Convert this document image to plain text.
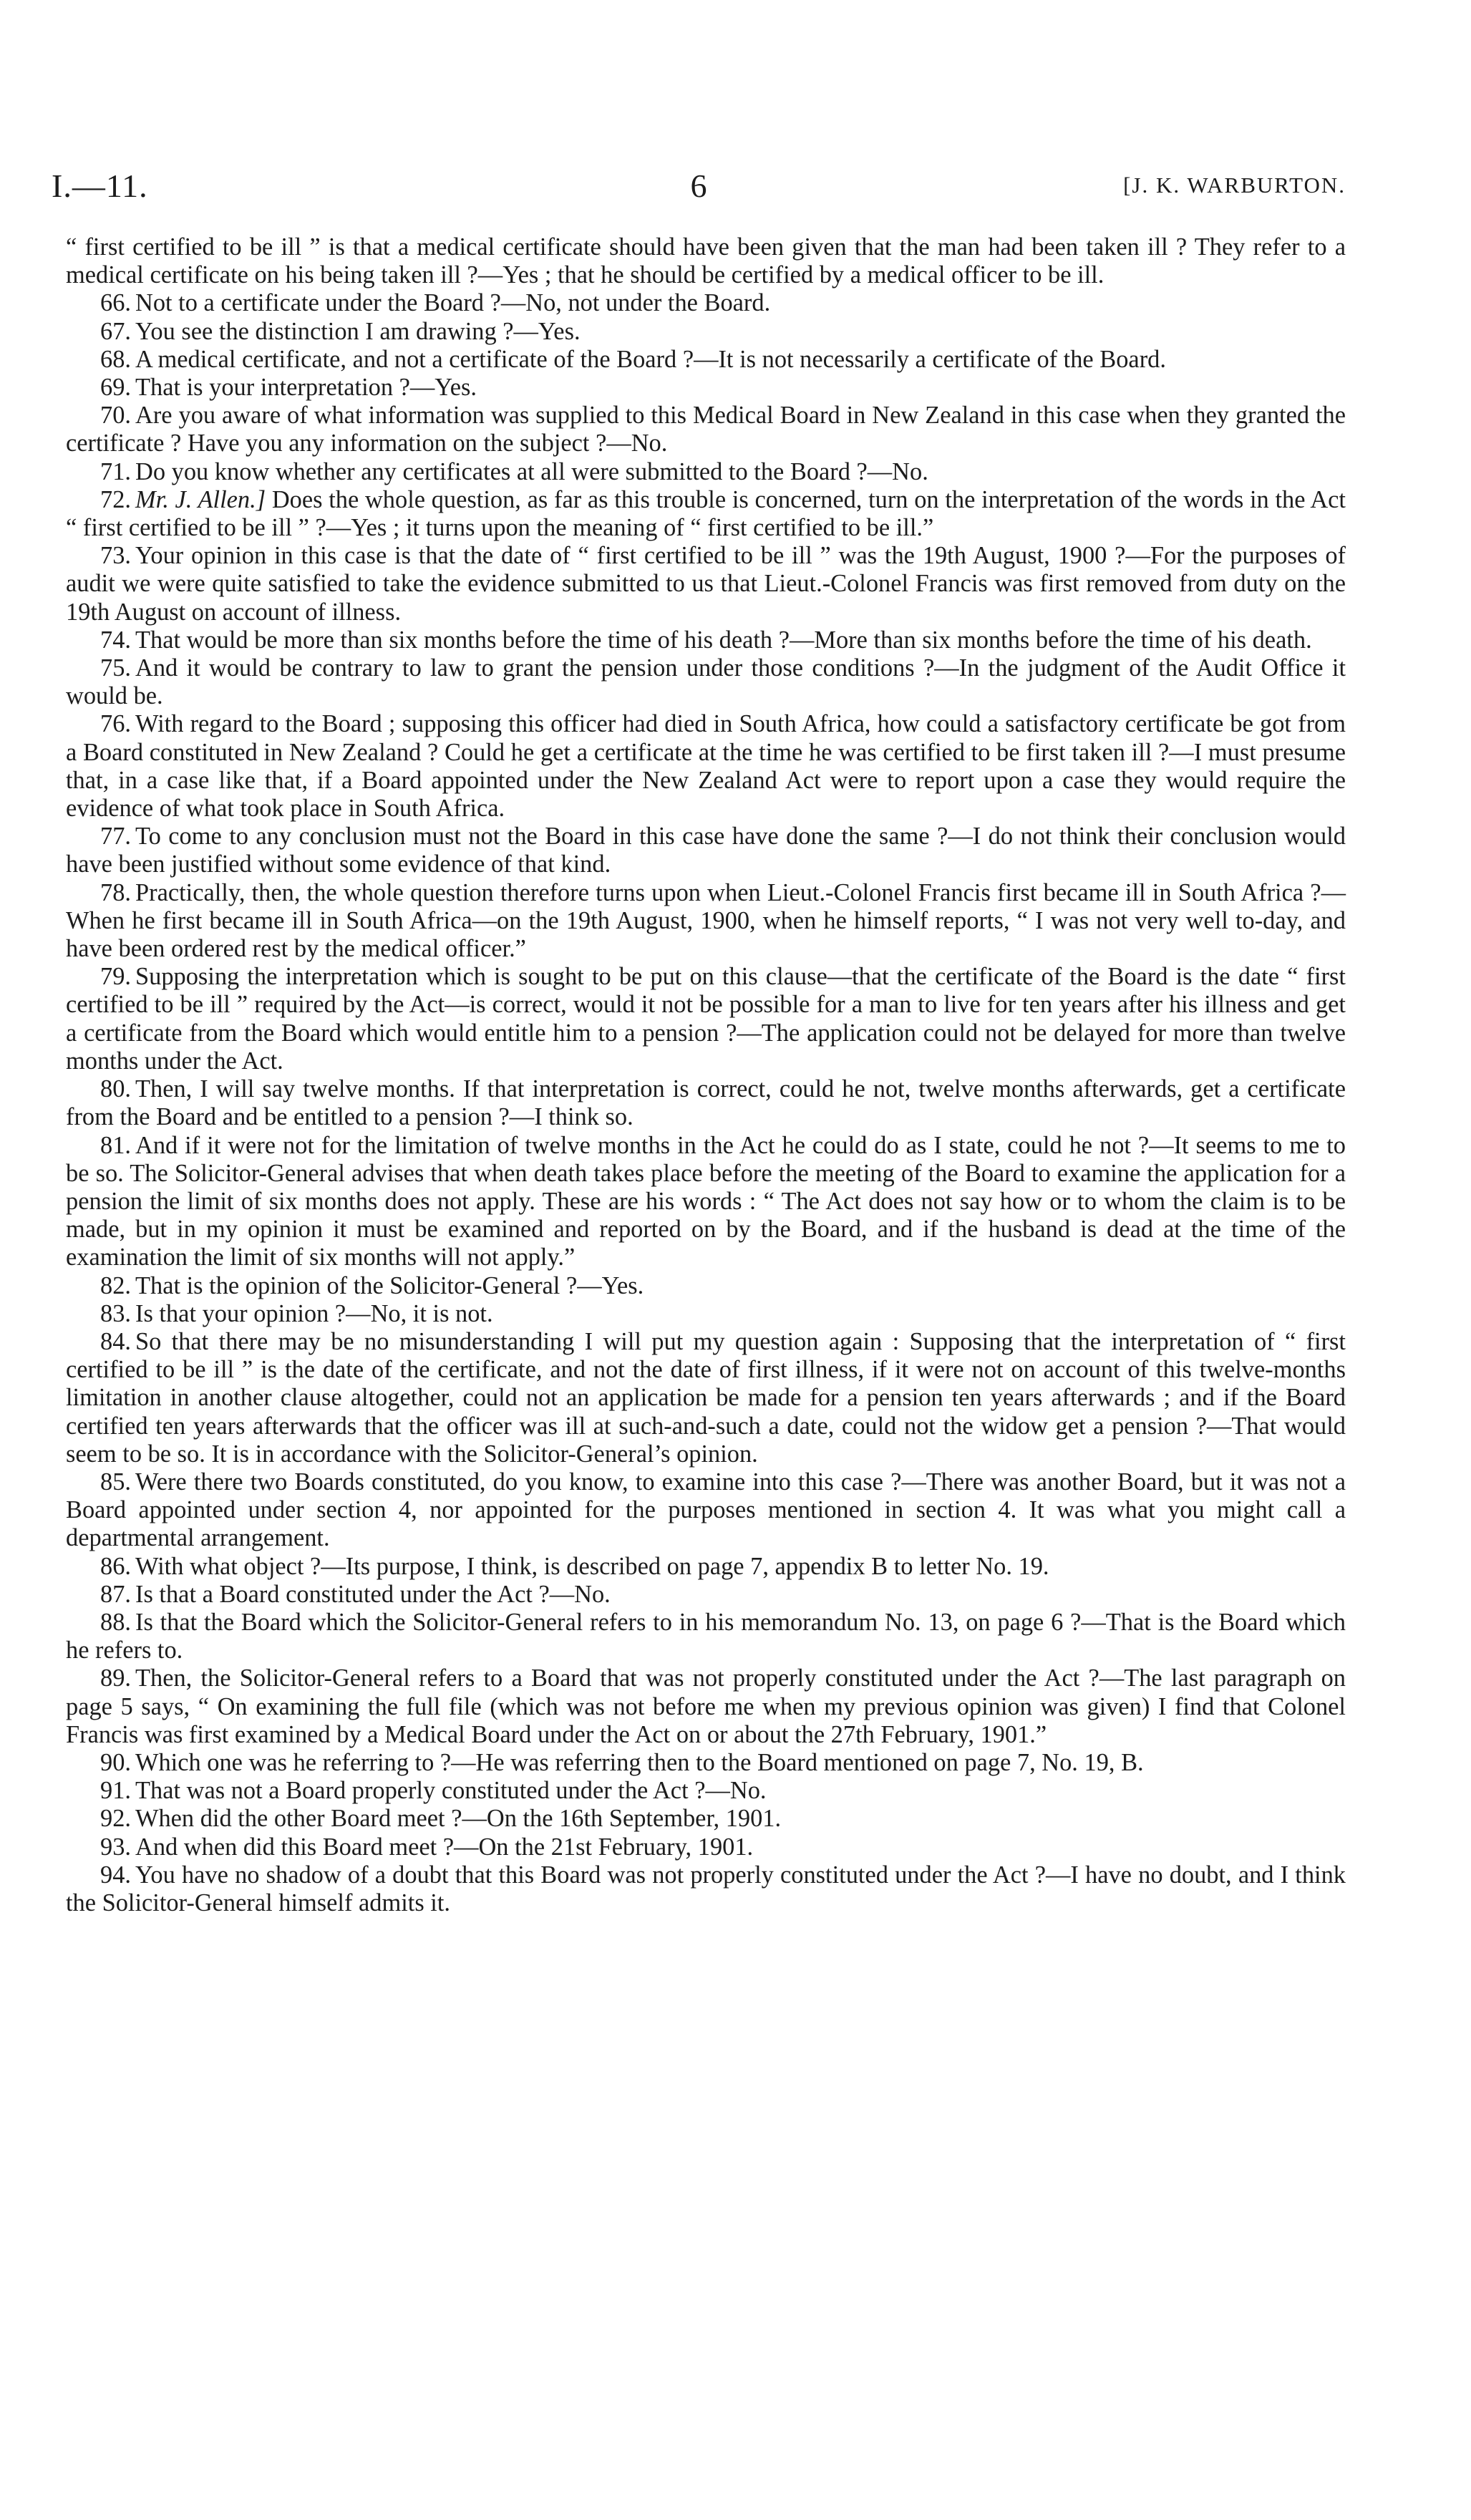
I.—11.	6	[J. K. WARBURTON.

“ first certified to be ill ” is that a medical certificate should have been given that the man had been taken ill ? They refer to a medical certificate on his being taken ill ?—Yes ; that he should be certified by a medical officer to be ill.

66. Not to a certificate under the Board ?—No, not under the Board.

67. You see the distinction I am drawing ?—Yes.

68. A medical certificate, and not a certificate of the Board ?—It is not necessarily a certificate of the Board.

69. That is your interpretation ?—Yes.

70. Are you aware of what information was supplied to this Medical Board in New Zealand in this case when they granted the certificate ? Have you any information on the subject ?—No.

71. Do you know whether any certificates at all were submitted to the Board ?—No.

72. Mr. J. Allen.] Does the whole question, as far as this trouble is concerned, turn on the interpretation of the words in the Act “ first certified to be ill ” ?—Yes ; it turns upon the meaning of “ first certified to be ill.”

73. Your opinion in this case is that the date of “ first certified to be ill ” was the 19th August, 1900 ?—For the purposes of audit we were quite satisfied to take the evidence submitted to us that Lieut.-Colonel Francis was first removed from duty on the 19th August on account of illness.

74. That would be more than six months before the time of his death ?—More than six months before the time of his death.

75. And it would be contrary to law to grant the pension under those conditions ?—In the judgment of the Audit Office it would be.

76. With regard to the Board ; supposing this officer had died in South Africa, how could a satisfactory certificate be got from a Board constituted in New Zealand ? Could he get a certificate at the time he was certified to be first taken ill ?—I must presume that, in a case like that, if a Board appointed under the New Zealand Act were to report upon a case they would require the evidence of what took place in South Africa.

77. To come to any conclusion must not the Board in this case have done the same ?—I do not think their conclusion would have been justified without some evidence of that kind.

78. Practically, then, the whole question therefore turns upon when Lieut.-Colonel Francis first became ill in South Africa ?—When he first became ill in South Africa—on the 19th August, 1900, when he himself reports, “ I was not very well to-day, and have been ordered rest by the medical officer.”

79. Supposing the interpretation which is sought to be put on this clause—that the certificate of the Board is the date “ first certified to be ill ” required by the Act—is correct, would it not be possible for a man to live for ten years after his illness and get a certificate from the Board which would entitle him to a pension ?—The application could not be delayed for more than twelve months under the Act.

80. Then, I will say twelve months. If that interpretation is correct, could he not, twelve months afterwards, get a certificate from the Board and be entitled to a pension ?—I think so.

81. And if it were not for the limitation of twelve months in the Act he could do as I state, could he not ?—It seems to me to be so. The Solicitor-General advises that when death takes place before the meeting of the Board to examine the application for a pension the limit of six months does not apply. These are his words : “ The Act does not say how or to whom the claim is to be made, but in my opinion it must be examined and reported on by the Board, and if the husband is dead at the time of the examination the limit of six months will not apply.”

82. That is the opinion of the Solicitor-General ?—Yes.

83. Is that your opinion ?—No, it is not.

84. So that there may be no misunderstanding I will put my question again : Supposing that the interpretation of “ first certified to be ill ” is the date of the certificate, and not the date of first illness, if it were not on account of this twelve-months limitation in another clause altogether, could not an application be made for a pension ten years afterwards ; and if the Board certified ten years afterwards that the officer was ill at such-and-such a date, could not the widow get a pension ?—That would seem to be so. It is in accordance with the Solicitor-General’s opinion.

85. Were there two Boards constituted, do you know, to examine into this case ?—There was another Board, but it was not a Board appointed under section 4, nor appointed for the purposes mentioned in section 4. It was what you might call a departmental arrangement.

86. With what object ?—Its purpose, I think, is described on page 7, appendix B to letter No. 19.

87. Is that a Board constituted under the Act ?—No.

88. Is that the Board which the Solicitor-General refers to in his memorandum No. 13, on page 6 ?—That is the Board which he refers to.

89. Then, the Solicitor-General refers to a Board that was not properly constituted under the Act ?—The last paragraph on page 5 says, “ On examining the full file (which was not before me when my previous opinion was given) I find that Colonel Francis was first examined by a Medical Board under the Act on or about the 27th February, 1901.”

90. Which one was he referring to ?—He was referring then to the Board mentioned on page 7, No. 19, B.

91. That was not a Board properly constituted under the Act ?—No.

92. When did the other Board meet ?—On the 16th September, 1901.

93. And when did this Board meet ?—On the 21st February, 1901.

94. You have no shadow of a doubt that this Board was not properly constituted under the Act ?—I have no doubt, and I think the Solicitor-General himself admits it.
